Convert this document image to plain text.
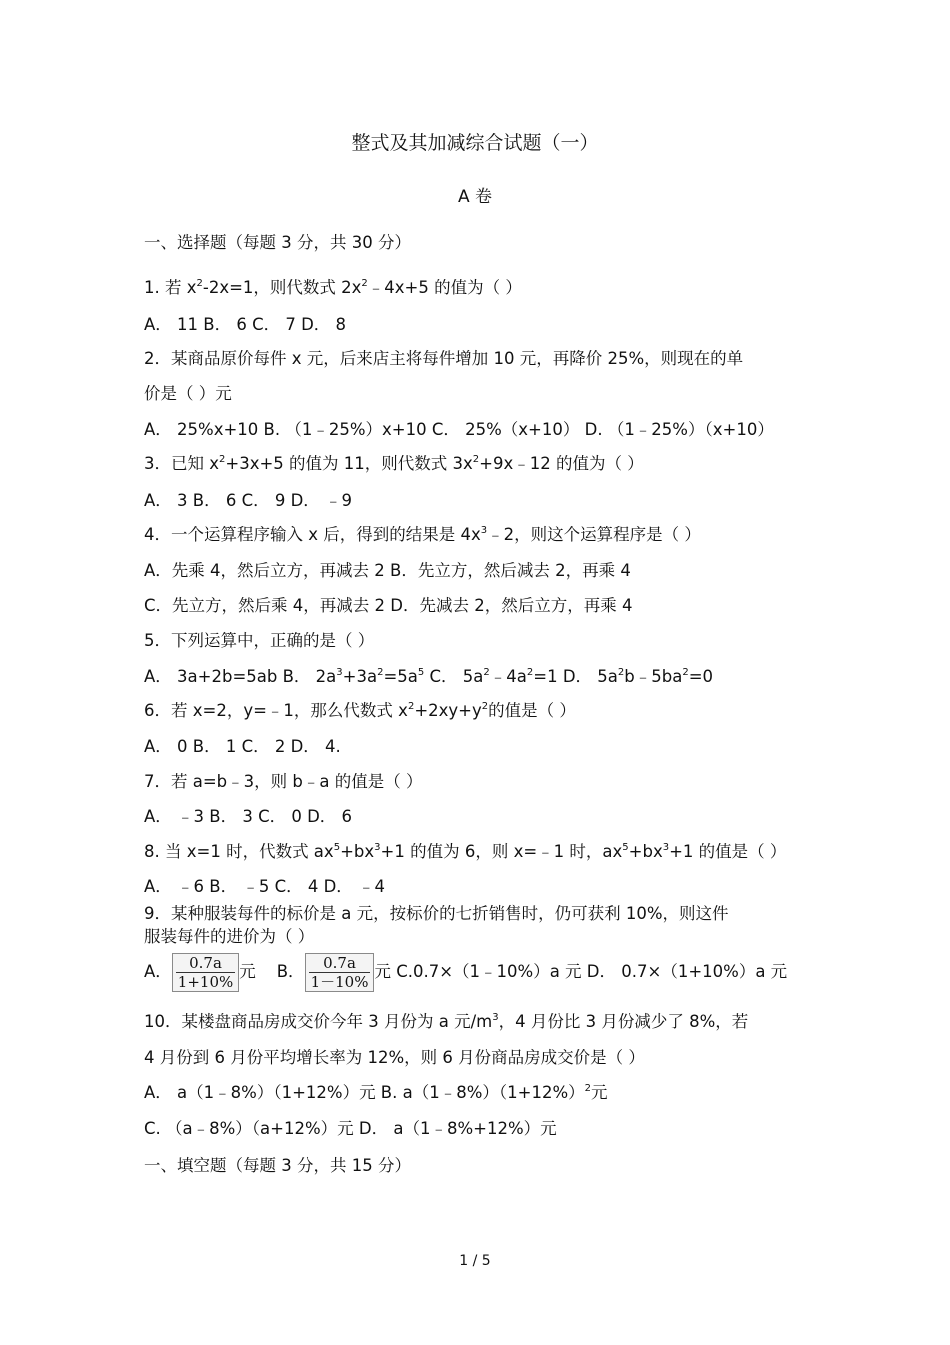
整式及其加减综合试题（一）
A 卷
一、选择题（每题 3 分，共 30 分）
1. 若 $x^2-2x=1$，则代数式 $2x^2﹣4x+5$ 的值为（ ）
A． 11 B． 6 C． 7 D． 8
2．某商品原价每件 x 元，后来店主将每件增加 10 元，再降价 25%，则现在的单
价是（ ）元
A． 25%x+10 B. （1﹣25%）x+10 C． 25%（x+10） D. （1﹣25%）（x+10）
3．已知 $x^2+3x+5$ 的值为 11，则代数式 $3x^2+9x﹣12$ 的值为（ ）
A． 3 B． 6 C． 9 D． ﹣9
4．一个运算程序输入 x 后，得到的结果是 $4x^3﹣2$，则这个运算程序是（ ）
A．先乘 4，然后立方，再减去 2 B．先立方，然后减去 2，再乘 4
C．先立方，然后乘 4，再减去 2 D．先减去 2，然后立方，再乘 4
5．下列运算中，正确的是（ ）
A． 3a+2b=5ab B． $2a^3+3a^2=5a^5$ C． $5a^2﹣4a^2=1$ D． $5a^2b﹣5ba^2=0$
6．若 x=2，y=﹣1，那么代数式 $x^2+2xy+y^2$的值是（ ）
A． 0 B． 1 C． 2 D． 4.
7．若 a=b﹣3，则 b﹣a 的值是（ ）
A． ﹣3 B． 3 C． 0 D． 6
8. 当 x=1 时，代数式 $ax^5+bx^3+1$ 的值为 6，则 x=﹣1 时，$ax^5+bx^3+1$ 的值是（ ）
A． ﹣6 B． ﹣5 C． 4 D． ﹣4
9．某种服装每件的标价是 a 元，按标价的七折销售时，仍可获利 10%，则这件
服装每件的进价为（ ）
A． $\frac{0.7a}{1+10\%}$ 元 B． $\frac{0.7a}{1-10\%}$ 元 C.0.7×（1﹣10%）a 元 D． 0.7×（1+10%）a 元
10．某楼盘商品房成交价今年 3 月份为 a 元$/m^3$，4 月份比 3 月份减少了 8%，若
4 月份到 6 月份平均增长率为 12%，则 6 月份商品房成交价是（ ）
A． a（1﹣8%）（1+12%）元 B. $a(1﹣8\%)(1+12\%)^2$元
C. （a﹣8%）（a+12%）元 D． a（1﹣8%+12%）元
一、填空题（每题 3 分，共 15 分）
1 / 5
